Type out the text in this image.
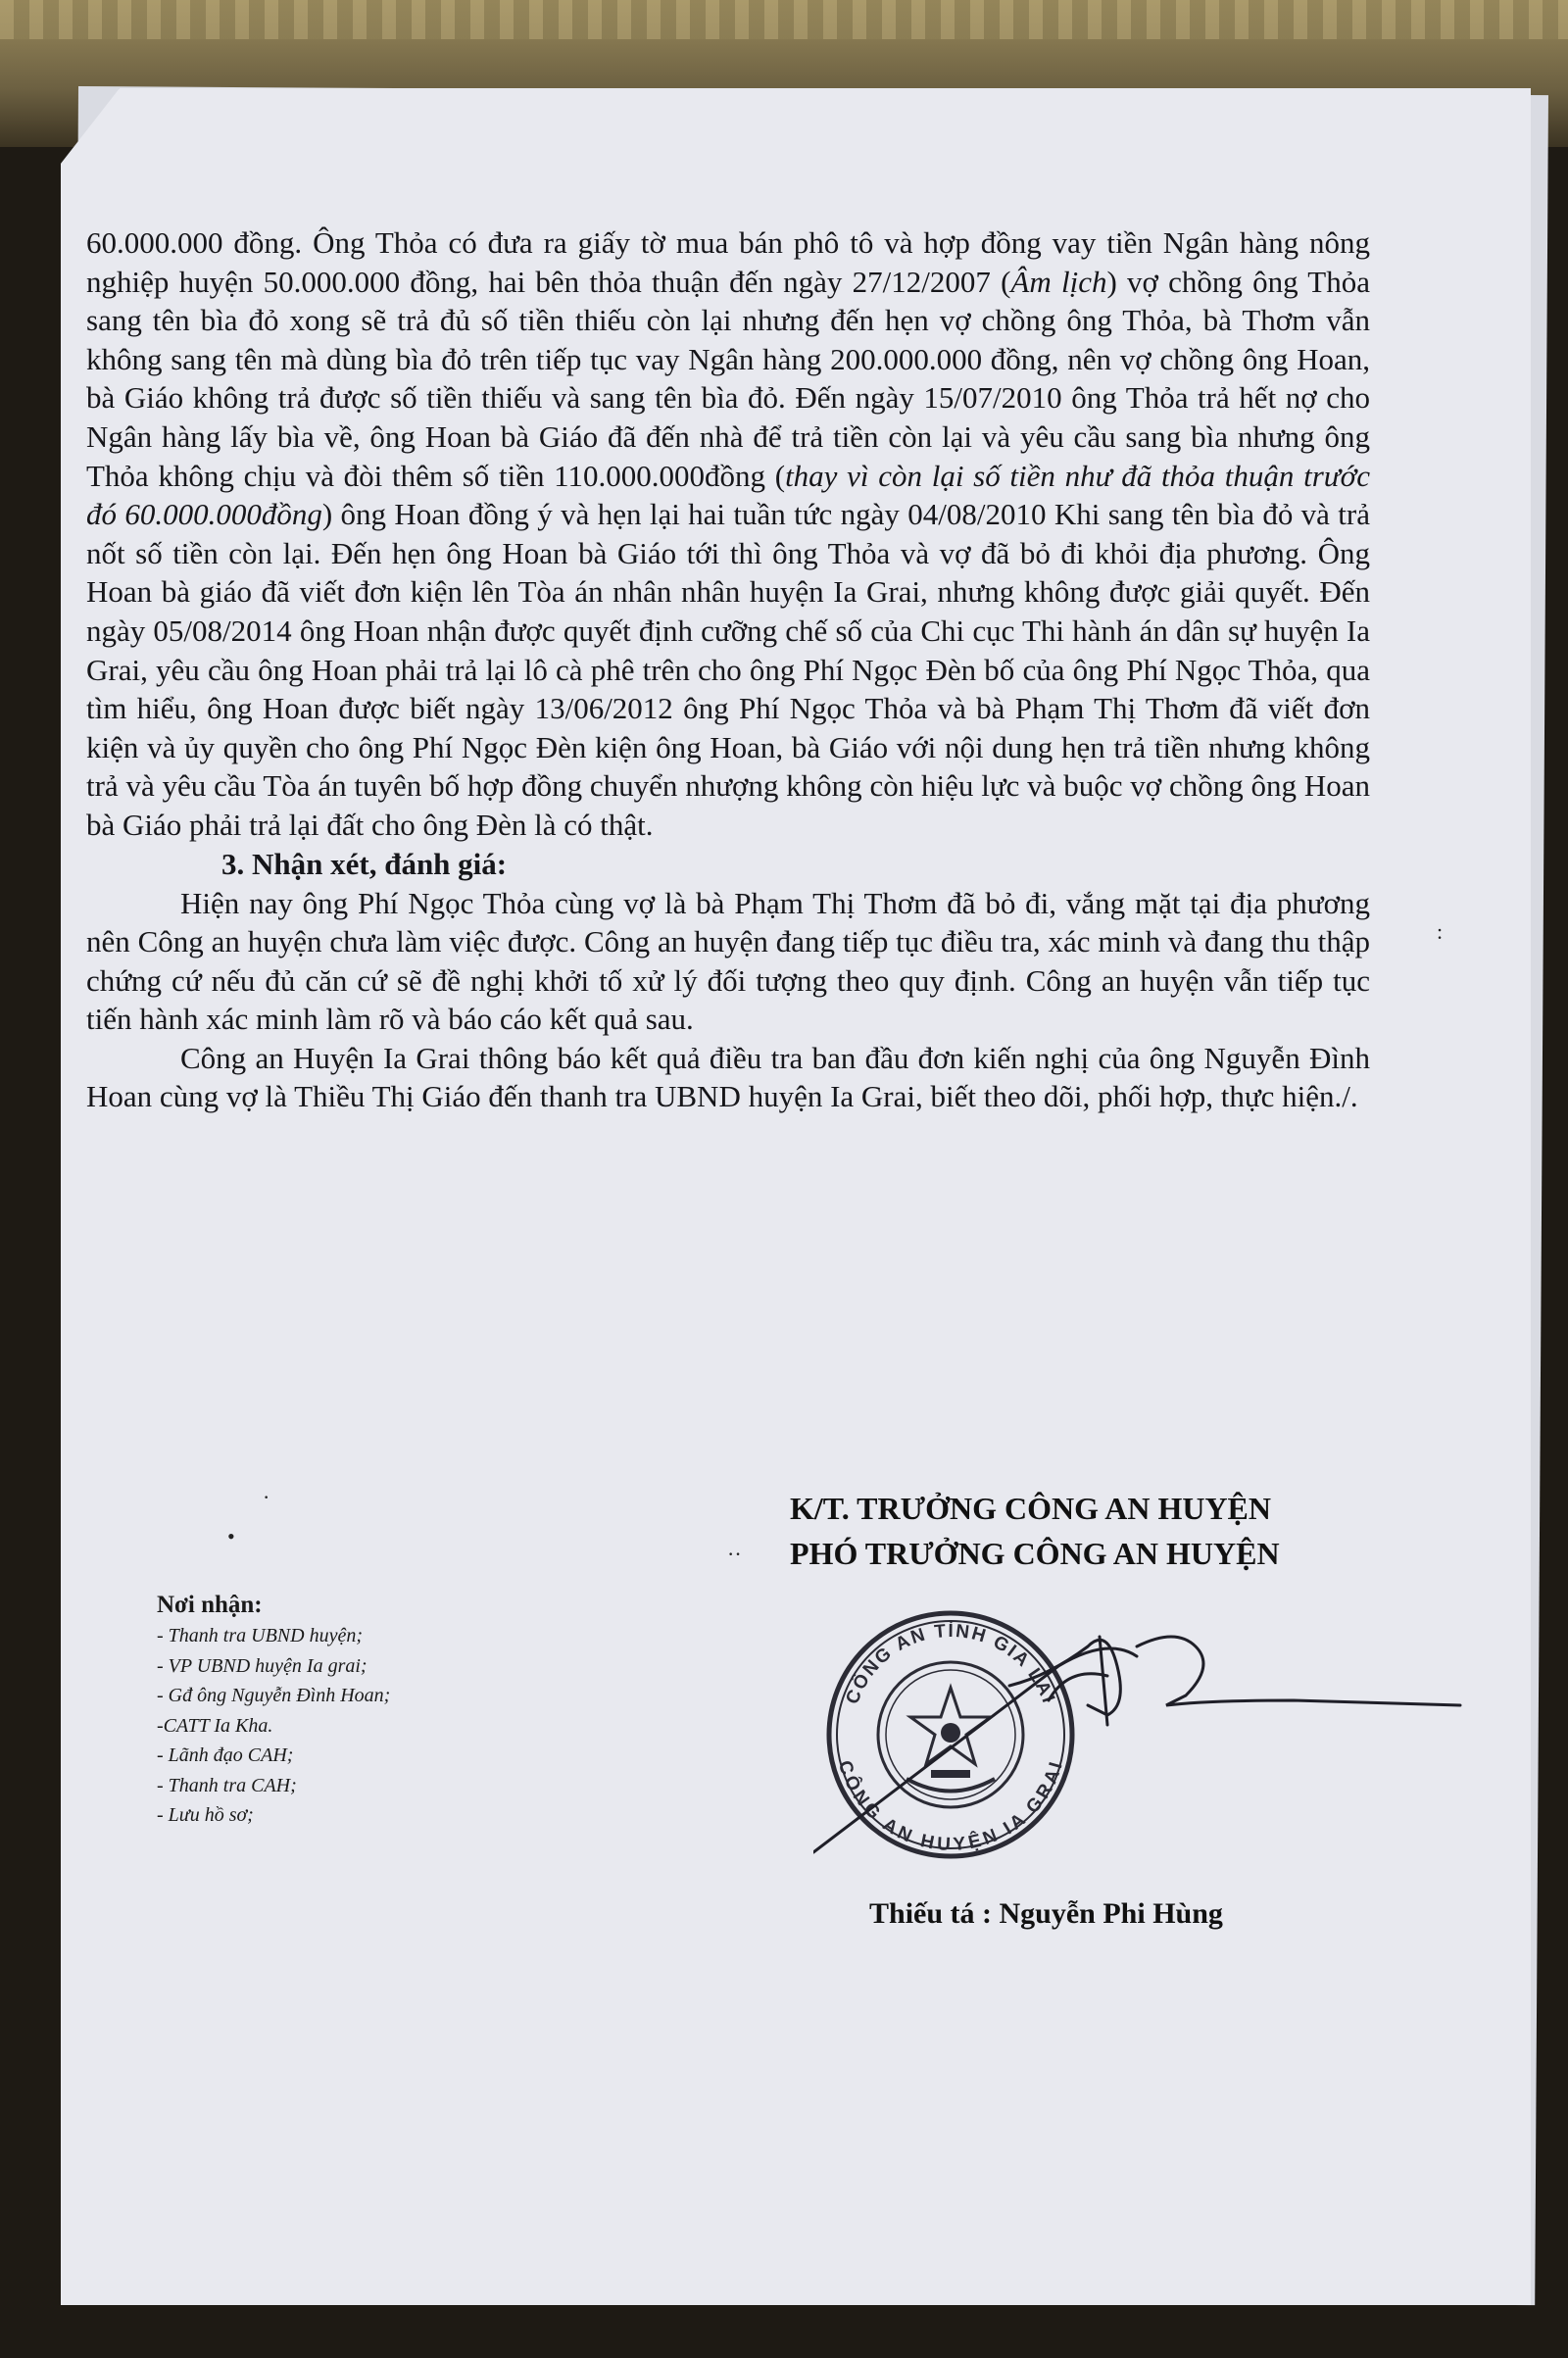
60.000.000 đồng. Ông Thỏa có đưa ra giấy tờ mua bán phô tô và hợp đồng vay tiền Ngân hàng nông nghiệp huyện 50.000.000 đồng, hai bên thỏa thuận đến ngày 27/12/2007 (Âm lịch) vợ chồng ông Thỏa sang tên bìa đỏ xong sẽ trả đủ số tiền thiếu còn lại nhưng đến hẹn vợ chồng ông Thỏa, bà Thơm vẫn không sang tên mà dùng bìa đỏ trên tiếp tục vay Ngân hàng 200.000.000 đồng, nên vợ chồng ông Hoan, bà Giáo không trả được số tiền thiếu và sang tên bìa đỏ. Đến ngày 15/07/2010 ông Thỏa trả hết nợ cho Ngân hàng lấy bìa về, ông Hoan bà Giáo đã đến nhà để trả tiền còn lại và yêu cầu sang bìa nhưng ông Thỏa không chịu và đòi thêm số tiền 110.000.000đồng (thay vì còn lại số tiền như đã thỏa thuận trước đó 60.000.000đồng) ông Hoan đồng ý và hẹn lại hai tuần tức ngày 04/08/2010 Khi sang tên bìa đỏ và trả nốt số tiền còn lại. Đến hẹn ông Hoan bà Giáo tới thì ông Thỏa và vợ đã bỏ đi khỏi địa phương. Ông Hoan bà giáo đã viết đơn kiện lên Tòa án nhân nhân huyện Ia Grai, nhưng không được giải quyết. Đến ngày 05/08/2014 ông Hoan nhận được quyết định cưỡng chế số của Chi cục Thi hành án dân sự huyện Ia Grai, yêu cầu ông Hoan phải trả lại lô cà phê trên cho ông Phí Ngọc Đèn bố của ông Phí Ngọc Thỏa, qua tìm hiểu, ông Hoan được biết ngày 13/06/2012 ông Phí Ngọc Thỏa và bà Phạm Thị Thơm đã viết đơn kiện và ủy quyền cho ông Phí Ngọc Đèn kiện ông Hoan, bà Giáo với nội dung hẹn trả tiền nhưng không trả và yêu cầu Tòa án tuyên bố hợp đồng chuyển nhượng không còn hiệu lực và buộc vợ chồng ông Hoan bà Giáo phải trả lại đất cho ông Đèn là có thật.

3. Nhận xét, đánh giá:

Hiện nay ông Phí Ngọc Thỏa cùng vợ là bà Phạm Thị Thơm đã bỏ đi, vắng mặt tại địa phương nên Công an huyện chưa làm việc được. Công an huyện đang tiếp tục điều tra, xác minh và đang thu thập chứng cứ nếu đủ căn cứ sẽ đề nghị khởi tố xử lý đối tượng theo quy định. Công an huyện vẫn tiếp tục tiến hành xác minh làm rõ và báo cáo kết quả sau.

Công an Huyện Ia Grai thông báo kết quả điều tra ban đầu đơn kiến nghị của ông Nguyễn Đình Hoan cùng vợ là Thiều Thị Giáo đến thanh tra UBND huyện Ia Grai, biết theo dõi, phối hợp, thực hiện./.

K/T. TRƯỞNG CÔNG AN HUYỆN
PHÓ TRƯỞNG CÔNG AN HUYỆN

Nơi nhận:

- Thanh tra UBND huyện;

- VP UBND huyện Ia grai;

- Gđ ông Nguyễn Đình Hoan;

-CATT Ia Kha.

- Lãnh đạo CAH;

- Thanh tra CAH;

- Lưu hồ sơ;

CÔNG AN TỈNH GIA LAI
CÔNG AN HUYỆN IA GRAI
Thiếu tá : Nguyễn Phi Hùng
·
•
··
:
